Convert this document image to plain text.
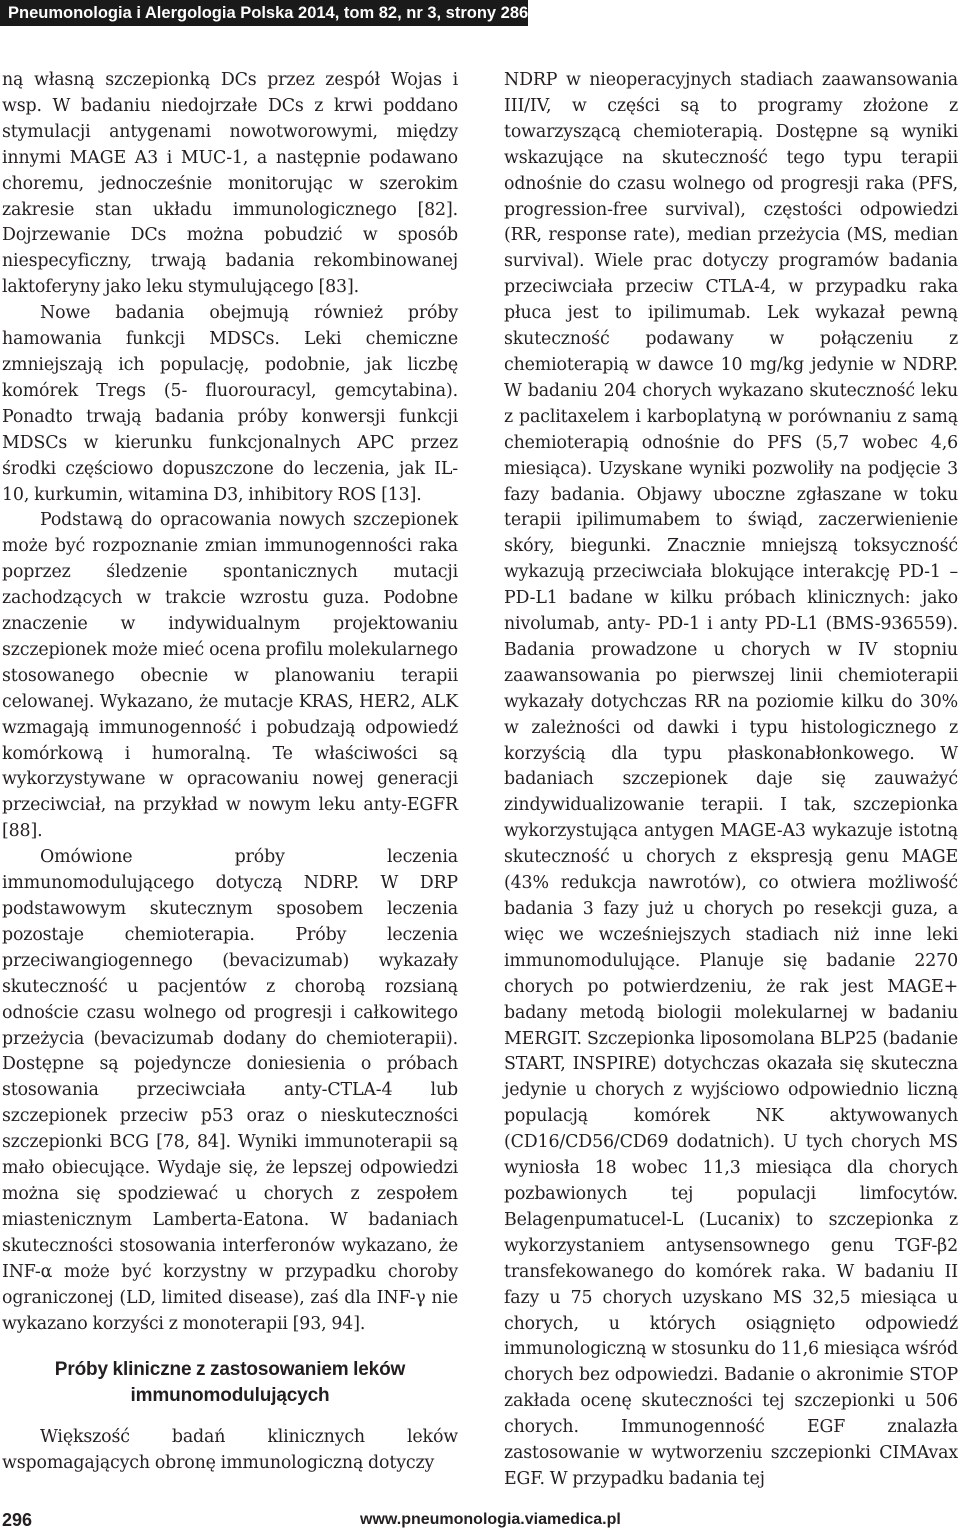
Pneumonologia i Alergologia Polska 2014, tom 82, nr 3, strony 286–299

ną własną szczepionką DCs przez zespół Wojas i wsp. W badaniu niedojrzałe DCs z krwi poddano stymulacji antygenami nowotworowymi, między innymi MAGE A3 i MUC-1, a następnie podawano choremu, jednocześnie monitorując w szerokim zakresie stan układu immunologicznego [82]. Dojrzewanie DCs można pobudzić w sposób niespecyficzny, trwają badania rekombinowanej laktoferyny jako leku stymulującego [83].

Nowe badania obejmują również próby hamowania funkcji MDSCs. Leki chemiczne zmniejszają ich populację, podobnie, jak liczbę komórek Tregs (5- fluorouracyl, gemcytabina). Ponadto trwają badania próby konwersji funkcji MDSCs w kierunku funkcjonalnych APC przez środki częściowo dopuszczone do leczenia, jak IL-10, kurkumin, witamina D3, inhibitory ROS [13].

Podstawą do opracowania nowych szczepionek może być rozpoznanie zmian immunogenności raka poprzez śledzenie spontanicznych mutacji zachodzących w trakcie wzrostu guza. Podobne znaczenie w indywidualnym projektowaniu szczepionek może mieć ocena profilu molekularnego stosowanego obecnie w planowaniu terapii celowanej. Wykazano, że mutacje KRAS, HER2, ALK wzmagają immunogenność i pobudzają odpowiedź komórkową i humoralną. Te właściwości są wykorzystywane w opracowaniu nowej generacji przeciwciał, na przykład w nowym leku anty-EGFR [88].

Omówione próby leczenia immunomodulującego dotyczą NDRP. W DRP podstawowym skutecznym sposobem leczenia pozostaje chemioterapia. Próby leczenia przeciwangiogennego (bevacizumab) wykazały skuteczność u pacjentów z chorobą rozsianą odnoście czasu wolnego od progresji i całkowitego przeżycia (bevacizumab dodany do chemioterapii). Dostępne są pojedyncze doniesienia o próbach stosowania przeciwciała anty-CTLA-4 lub szczepionek przeciw p53 oraz o nieskuteczności szczepionki BCG [78, 84]. Wyniki immunoterapii są mało obiecujące. Wydaje się, że lepszej odpowiedzi można się spodziewać u chorych z zespołem miastenicznym Lamberta-Eatona. W badaniach skuteczności stosowania interferonów wykazano, że INF-α może być korzystny w przypadku choroby ograniczonej (LD, limited disease), zaś dla INF-γ nie wykazano korzyści z monoterapii [93, 94].

Próby kliniczne z zastosowaniem leków immunomodulujących

Większość badań klinicznych leków wspomagających obronę immunologiczną dotyczy

NDRP w nieoperacyjnych stadiach zaawansowania III/IV, w części są to programy złożone z towarzyszącą chemioterapią. Dostępne są wyniki wskazujące na skuteczność tego typu terapii odnośnie do czasu wolnego od progresji raka (PFS, progression-free survival), częstości odpowiedzi (RR, response rate), median przeżycia (MS, median survival). Wiele prac dotyczy programów badania przeciwciała przeciw CTLA-4, w przypadku raka płuca jest to ipilimumab. Lek wykazał pewną skuteczność podawany w połączeniu z chemioterapią w dawce 10 mg/kg jedynie w NDRP. W badaniu 204 chorych wykazano skuteczność leku z paclitaxelem i karboplatyną w porównaniu z samą chemioterapią odnośnie do PFS (5,7 wobec 4,6 miesiąca). Uzyskane wyniki pozwoliły na podjęcie 3 fazy badania. Objawy uboczne zgłaszane w toku terapii ipilimumabem to świąd, zaczerwienienie skóry, biegunki. Znacznie mniejszą toksyczność wykazują przeciwciała blokujące interakcję PD-1 – PD-L1 badane w kilku próbach klinicznych: jako nivolumab, anty- PD-1 i anty PD-L1 (BMS-936559). Badania prowadzone u chorych w IV stopniu zaawansowania po pierwszej linii chemioterapii wykazały dotychczas RR na poziomie kilku do 30% w zależności od dawki i typu histologicznego z korzyścią dla typu płaskonabłonkowego. W badaniach szczepionek daje się zauważyć zindywidualizowanie terapii. I tak, szczepionka wykorzystująca antygen MAGE-A3 wykazuje istotną skuteczność u chorych z ekspresją genu MAGE (43% redukcja nawrotów), co otwiera możliwość badania 3 fazy już u chorych po resekcji guza, a więc we wcześniejszych stadiach niż inne leki immunomodulujące. Planuje się badanie 2270 chorych po potwierdzeniu, że rak jest MAGE+ badany metodą biologii molekularnej w badaniu MERGIT. Szczepionka liposomolana BLP25 (badanie START, INSPIRE) dotychczas okazała się skuteczna jedynie u chorych z wyjściowo odpowiednio liczną populacją komórek NK aktywowanych (CD16/CD56/CD69 dodatnich). U tych chorych MS wyniosła 18 wobec 11,3 miesiąca dla chorych pozbawionych tej populacji limfocytów. Belagenpumatucel-L (Lucanix) to szczepionka z wykorzystaniem antysensownego genu TGF-β2 transfekowanego do komórek raka. W badaniu II fazy u 75 chorych uzyskano MS 32,5 miesiąca u chorych, u których osiągnięto odpowiedź immunologiczną w stosunku do 11,6 miesiąca wśród chorych bez odpowiedzi. Badanie o akronimie STOP zakłada ocenę skuteczności tej szczepionki u 506 chorych. Immunogenność EGF znalazła zastosowanie w wytworzeniu szczepionki CIMAvax EGF. W przypadku badania tej

296	www.pneumonologia.viamedica.pl
